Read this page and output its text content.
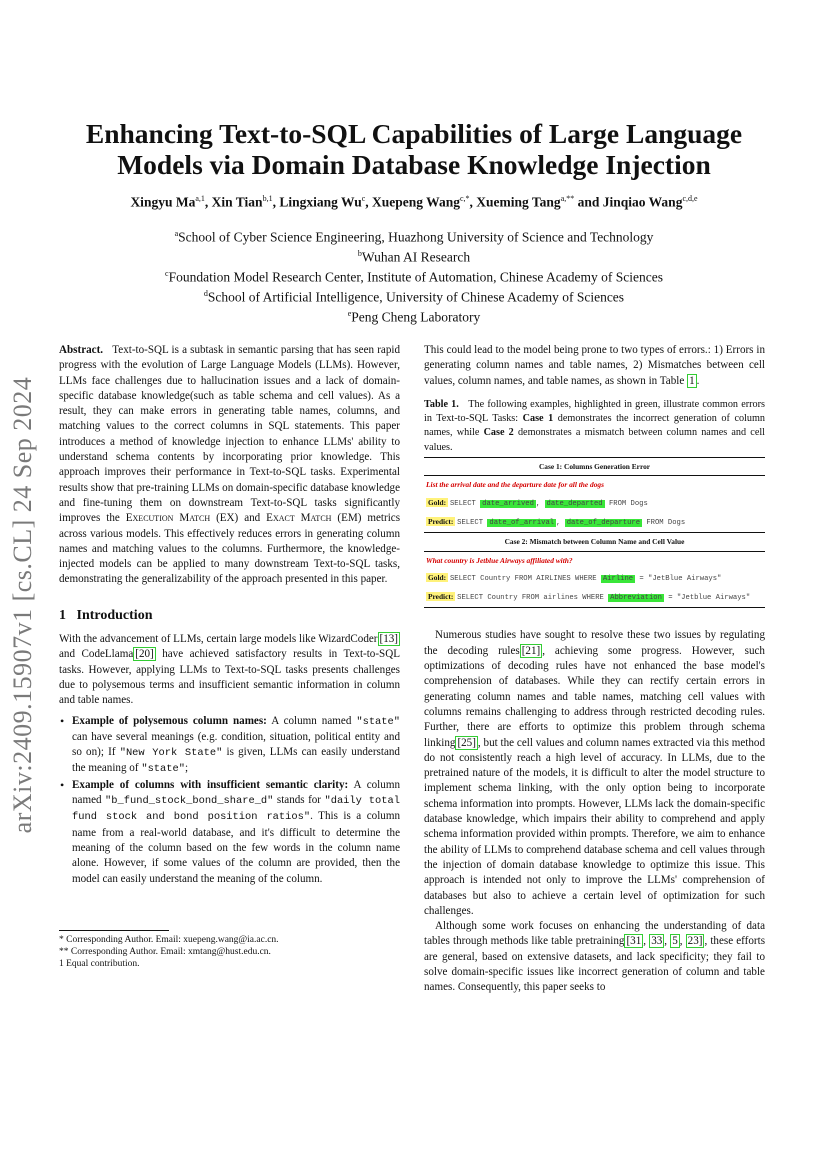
arXiv:2409.15907v1 [cs.CL] 24 Sep 2024
Enhancing Text-to-SQL Capabilities of Large Language
Models via Domain Database Knowledge Injection
Xingyu Ma$^{a,1}$, Xin Tian$^{b,1}$, Lingxiang Wu$^c$, Xuepeng Wang$^{c,*}$, Xueming Tang$^{a,**}$ and Jinqiao Wang$^{c,d,e}$
$^a$School of Cyber Science Engineering, Huazhong University of Science and Technology
$^b$Wuhan AI Research
$^c$Foundation Model Research Center, Institute of Automation, Chinese Academy of Sciences
$^d$School of Artificial Intelligence, University of Chinese Academy of Sciences
$^e$Peng Cheng Laboratory

Abstract. Text-to-SQL is a subtask in semantic parsing that has seen rapid progress with the evolution of Large Language Models (LLMs). However, LLMs face challenges due to hallucination issues and a lack of domain-specific database knowledge(such as table schema and cell values). As a result, they can make errors in generating table names, columns, and matching values to the correct columns in SQL statements. This paper introduces a method of knowledge injection to enhance LLMs' ability to understand schema contents by incorporating prior knowledge. This approach improves their performance in Text-to-SQL tasks. Experimental results show that pre-training LLMs on domain-specific database knowledge and fine-tuning them on downstream Text-to-SQL tasks significantly improves the Execution Match (EX) and Exact Match (EM) metrics across various models. This effectively reduces errors in generating column names and matching values to the columns. Furthermore, the knowledge-injected models can be applied to many downstream Text-to-SQL tasks, demonstrating the generalizability of the approach presented in this paper.

1 Introduction

With the advancement of LLMs, certain large models like WizardCoder [13] and CodeLlama [20] have achieved satisfactory results in Text-to-SQL tasks. However, applying LLMs to Text-to-SQL tasks presents challenges due to polysemous terms and insufficient semantic information in column and table names.

• Example of polysemous column names: A column named "state" can have several meanings (e.g. condition, situation, political entity and so on); If "New York State" is given, LLMs can easily understand the meaning of "state";
• Example of columns with insufficient semantic clarity: A column named "b_fund_stock_bond_share_d" stands for "daily total fund stock and bond position ratios". This is a column name from a real-world database, and it's difficult to determine the meaning of the column based on the few words in the column name alone. However, if some values of the column are provided, then the model can easily understand the meaning of the column.
* Corresponding Author. Email: xuepeng.wang@ia.ac.cn.
** Corresponding Author. Email: xmtang@hust.edu.cn.
1 Equal contribution.

This could lead to the model being prone to two types of errors.: 1) Errors in generating column names and table names, 2) Mismatches between cell values, column names, and table names, as shown in Table 1 .

Table 1. The following examples, highlighted in green, illustrate common errors in Text-to-SQL Tasks: Case 1 demonstrates the incorrect generation of column names, while Case 2 demonstrates a mismatch between column names and cell values.

Case 1: Columns Generation Error
List the arrival date and the departure date for all the dogs
Gold: SELECT date_arrived , date_departed FROM Dogs
Predict: SELECT date_of_arrival , date_of_departure FROM Dogs
Case 2: Mismatch between Column Name and Cell Value
What country is Jetblue Airways affiliated with?
Gold: SELECT Country FROM AIRLINES WHERE Airline = "JetBlue Airways"
Predict: SELECT Country FROM airlines WHERE Abbreviation = "Jetblue Airways"

Numerous studies have sought to resolve these two issues by regulating the decoding rules [21] , achieving some progress. However, such optimizations of decoding rules have not enhanced the base model's comprehension of databases. While they can rectify certain errors in generating column names and table names, matching cell values with columns remains challenging to address through restricted decoding rules. Further, there are efforts to optimize this problem through schema linking [25] , but the cell values and column names extracted via this method do not consistently reach a high level of accuracy. In LLMs, due to the pretrained nature of the models, it is difficult to alter the model structure to implement schema linking, with the only option being to incorporate schema information into prompts. However, LLMs lack the domain-specific database knowledge, which impairs their ability to comprehend and apply schema information provided within prompts. Therefore, we aim to enhance the ability of LLMs to comprehend database schema and cell values through the injection of domain database knowledge to optimize this issue. This approach is intended not only to improve the LLMs' comprehension of databases but also to achieve a certain level of optimization for such challenges.

Although some work focuses on enhancing the understanding of data tables through methods like table pretraining [31 , 33 , 5 , 23] , these efforts are general, based on extensive datasets, and lack specificity; they fail to solve domain-specific issues like incorrect generation of column and table names. Consequently, this paper seeks to
